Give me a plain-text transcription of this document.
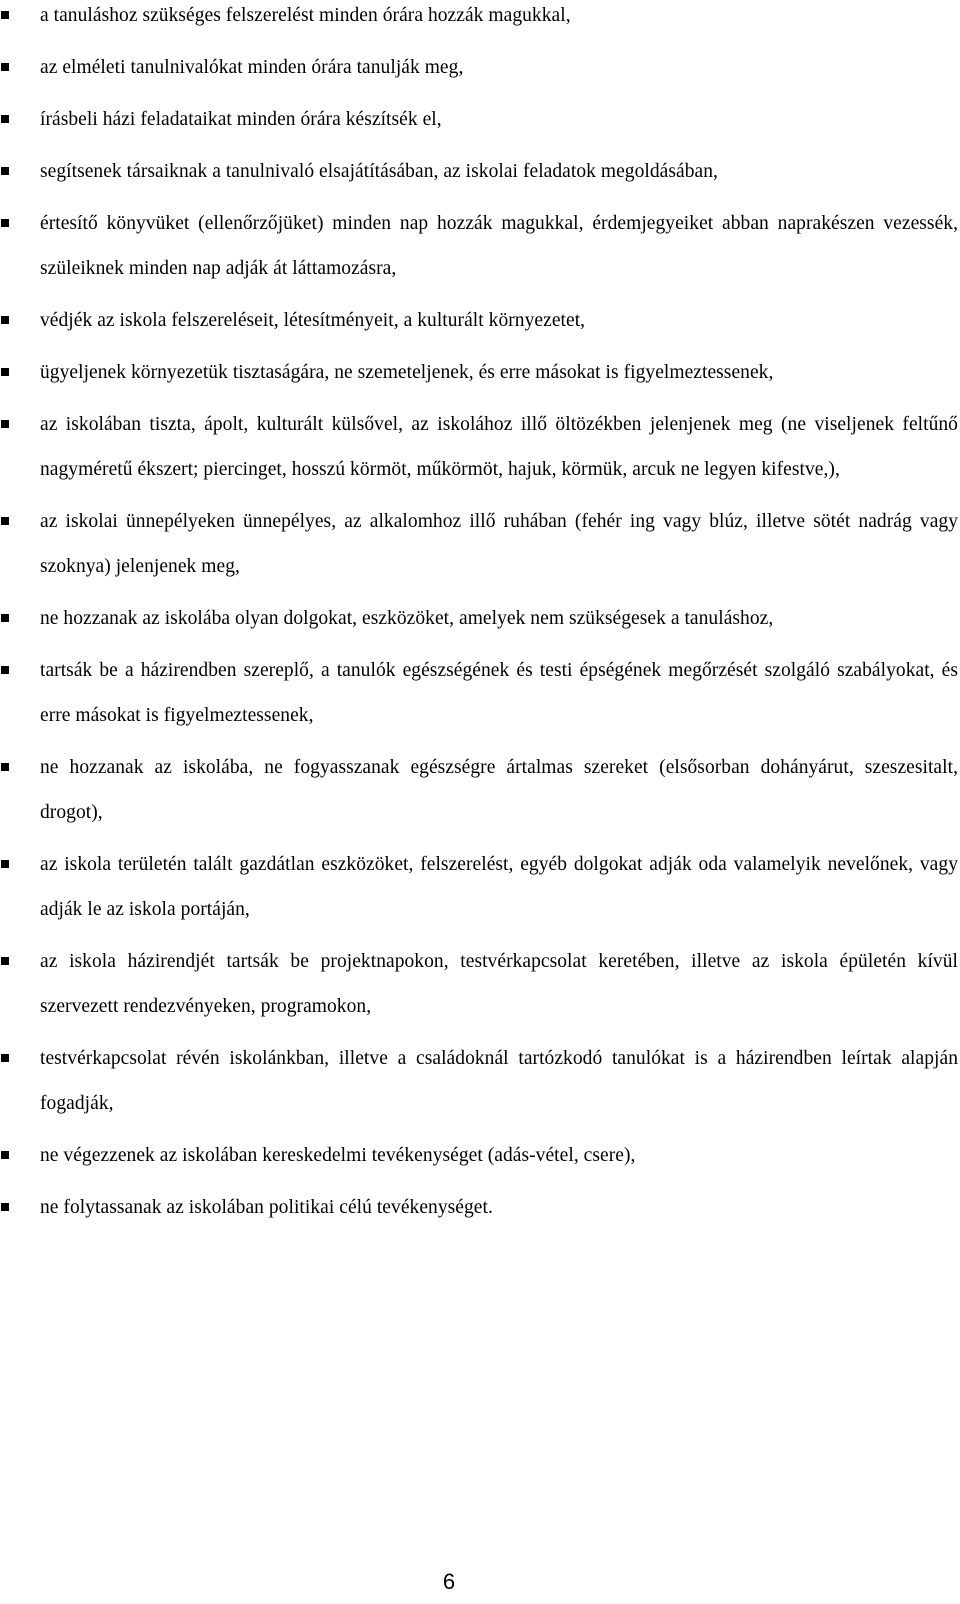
a tanuláshoz szükséges felszerelést minden órára hozzák magukkal,
az elméleti tanulnivalókat minden órára tanulják meg,
írásbeli házi feladataikat minden órára készítsék el,
segítsenek társaiknak a tanulnivaló elsajátításában, az iskolai feladatok megoldásában,
értesítő könyvüket (ellenőrzőjüket) minden nap hozzák magukkal, érdemjegyeiket abban naprakészen vezessék, szüleiknek minden nap adják át láttamozásra,
védjék az iskola felszereléseit, létesítményeit, a kulturált környezetet,
ügyeljenek környezetük tisztaságára, ne szemeteljenek, és erre másokat is figyelmeztessenek,
az iskolában tiszta, ápolt, kulturált külsővel, az iskolához illő öltözékben jelenjenek meg (ne viseljenek feltűnő nagyméretű ékszert; piercinget, hosszú körmöt, műkörmöt, hajuk, körmük, arcuk ne legyen kifestve,),
az iskolai ünnepélyeken ünnepélyes, az alkalomhoz illő ruhában (fehér ing vagy blúz, illetve sötét nadrág vagy szoknya) jelenjenek meg,
ne hozzanak az iskolába olyan dolgokat, eszközöket, amelyek nem szükségesek a tanuláshoz,
tartsák be a házirendben szereplő, a tanulók egészségének és testi épségének megőrzését szolgáló szabályokat, és erre másokat is figyelmeztessenek,
ne hozzanak az iskolába, ne fogyasszanak egészségre ártalmas szereket (elsősorban dohányárut, szeszesitalt, drogot),
az iskola területén talált gazdátlan eszközöket, felszerelést, egyéb dolgokat adják oda valamelyik nevelőnek, vagy adják le az iskola portáján,
az iskola házirendjét tartsák be projektnapokon, testvérkapcsolat keretében, illetve az iskola épületén kívül szervezett rendezvényeken, programokon,
testvérkapcsolat révén iskolánkban, illetve a családoknál tartózkodó tanulókat is a házirendben leírtak alapján fogadják,
ne végezzenek az iskolában kereskedelmi tevékenységet (adás-vétel, csere),
ne folytassanak az iskolában politikai célú tevékenységet.
6
